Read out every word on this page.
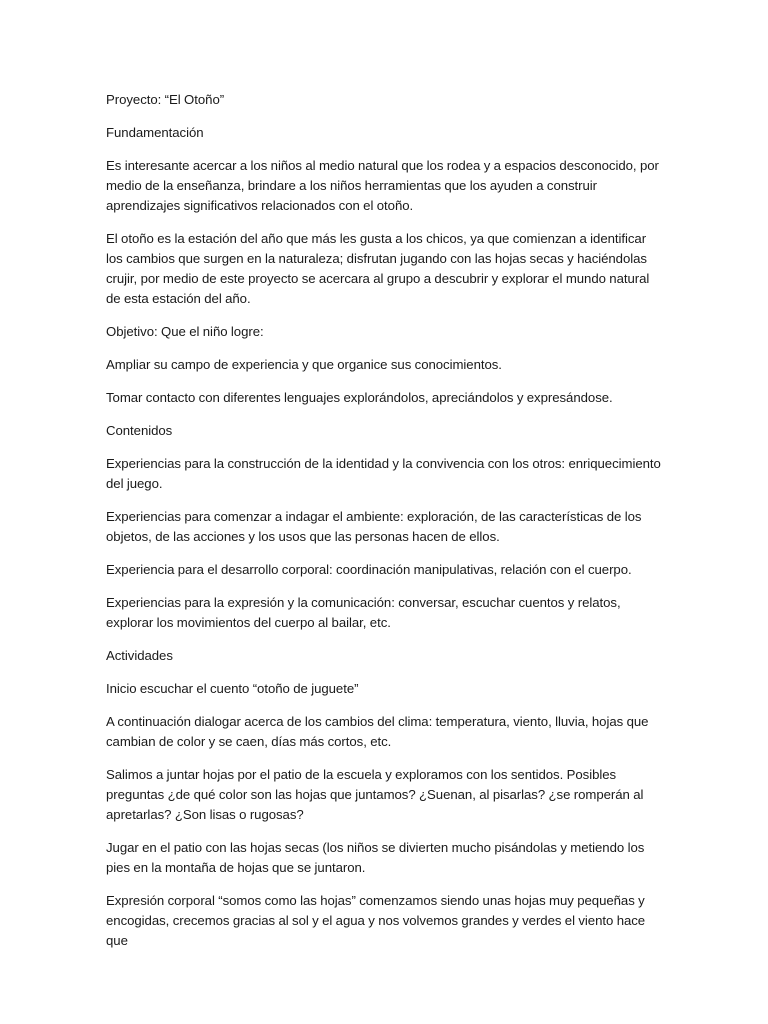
Proyecto: “El Otoño”

Fundamentación

Es interesante acercar a los niños al medio natural que los rodea y a espacios desconocido, por medio de la enseñanza, brindare a los niños herramientas que los ayuden a construir aprendizajes significativos relacionados con el otoño.

El otoño es la estación del año que más les gusta a los chicos, ya que comienzan a identificar los cambios que surgen en la naturaleza; disfrutan jugando con las hojas secas y haciéndolas crujir, por medio de este proyecto se acercara al grupo a descubrir y explorar el mundo natural de esta estación del año.

Objetivo: Que el niño logre:

Ampliar su campo de experiencia y que organice sus conocimientos.

Tomar contacto con diferentes lenguajes explorándolos, apreciándolos y expresándose.

Contenidos

Experiencias para la construcción de la identidad y la convivencia con los otros: enriquecimiento del juego.

Experiencias para comenzar a indagar el ambiente: exploración, de las características de los objetos, de las acciones y los usos que las personas hacen de ellos.

Experiencia para el desarrollo corporal: coordinación manipulativas, relación con el cuerpo.

Experiencias para la expresión y la comunicación: conversar, escuchar cuentos y relatos, explorar los movimientos del cuerpo al bailar, etc.

Actividades

Inicio escuchar el cuento “otoño de juguete”

A continuación dialogar acerca de los cambios del clima: temperatura, viento, lluvia, hojas que cambian de color y se caen, días más cortos, etc.

Salimos a juntar hojas por el patio de la escuela y exploramos con los sentidos. Posibles preguntas ¿de qué color son las hojas que juntamos? ¿Suenan, al pisarlas? ¿se romperán al apretarlas? ¿Son lisas o rugosas?

Jugar en el patio con las hojas secas (los niños se divierten mucho pisándolas y metiendo los pies en la montaña de hojas que se juntaron.

Expresión corporal “somos como las hojas” comenzamos siendo unas hojas muy pequeñas y encogidas, crecemos gracias al sol y el agua y nos volvemos grandes y verdes el viento hace que
